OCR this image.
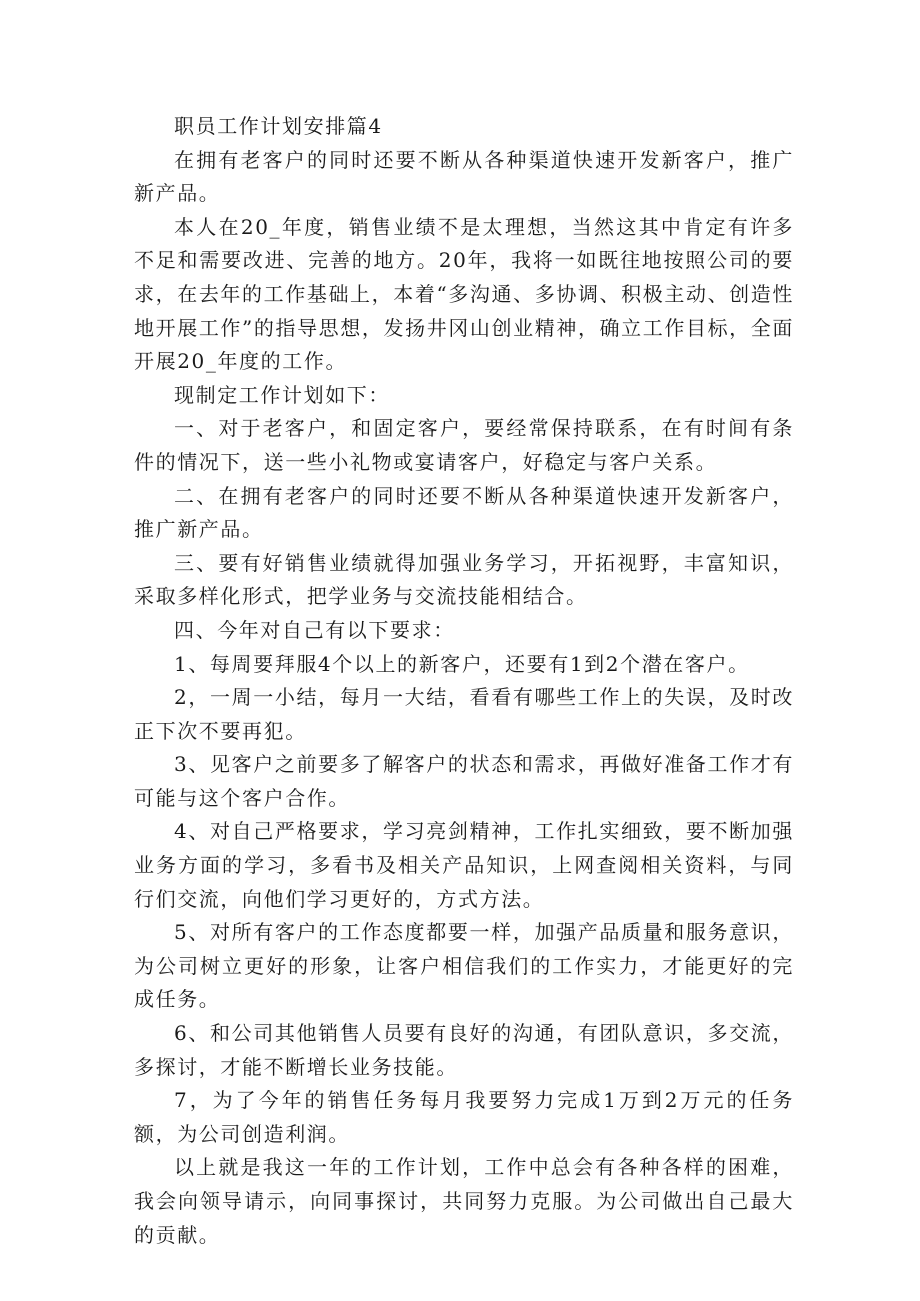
职员工作计划安排篇4

在拥有老客户的同时还要不断从各种渠道快速开发新客户，推广新产品。

本人在20_年度，销售业绩不是太理想，当然这其中肯定有许多不足和需要改进、完善的地方。20年，我将一如既往地按照公司的要求，在去年的工作基础上，本着“多沟通、多协调、积极主动、创造性地开展工作”的指导思想，发扬井冈山创业精神，确立工作目标，全面开展20_年度的工作。

现制定工作计划如下：

一、对于老客户，和固定客户，要经常保持联系，在有时间有条件的情况下，送一些小礼物或宴请客户，好稳定与客户关系。

二、在拥有老客户的同时还要不断从各种渠道快速开发新客户，推广新产品。

三、要有好销售业绩就得加强业务学习，开拓视野，丰富知识，采取多样化形式，把学业务与交流技能相结合。

四、今年对自己有以下要求：

1、每周要拜服4个以上的新客户，还要有1到2个潜在客户。

2，一周一小结，每月一大结，看看有哪些工作上的失误，及时改正下次不要再犯。

3、见客户之前要多了解客户的状态和需求，再做好准备工作才有可能与这个客户合作。

4、对自己严格要求，学习亮剑精神，工作扎实细致，要不断加强业务方面的学习，多看书及相关产品知识，上网查阅相关资料，与同行们交流，向他们学习更好的，方式方法。

5、对所有客户的工作态度都要一样，加强产品质量和服务意识，为公司树立更好的形象，让客户相信我们的工作实力，才能更好的完成任务。

6、和公司其他销售人员要有良好的沟通，有团队意识，多交流，多探讨，才能不断增长业务技能。

7，为了今年的销售任务每月我要努力完成1万到2万元的任务额，为公司创造利润。

以上就是我这一年的工作计划，工作中总会有各种各样的困难，我会向领导请示，向同事探讨，共同努力克服。为公司做出自己最大的贡献。
